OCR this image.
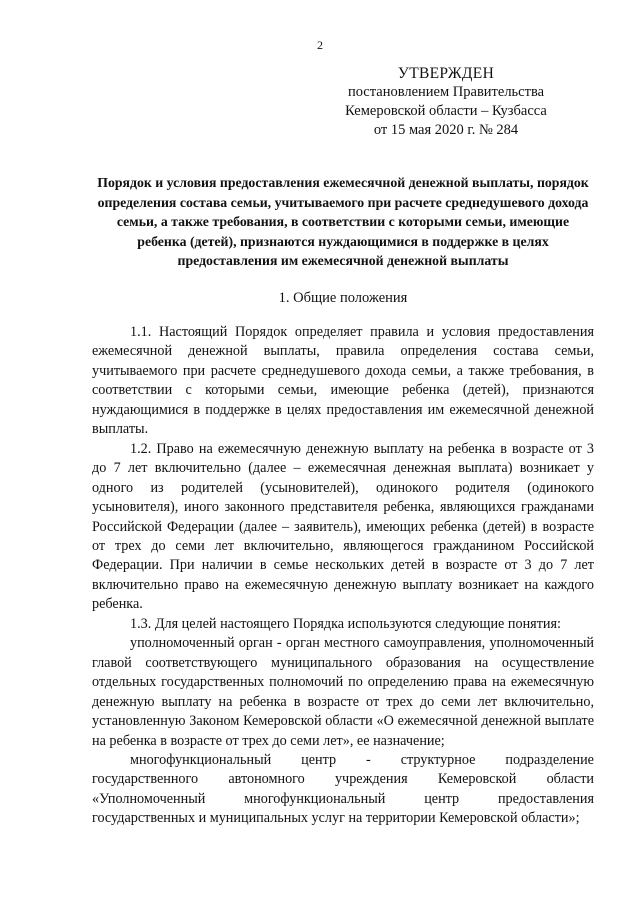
2
УТВЕРЖДЕН
постановлением Правительства
Кемеровской области – Кузбасса
от 15 мая 2020 г. № 284
Порядок и условия предоставления ежемесячной денежной выплаты, порядок определения состава семьи, учитываемого при расчете среднедушевого дохода семьи, а также требования, в соответствии с которыми семьи, имеющие ребенка (детей), признаются нуждающимися в поддержке в целях предоставления им ежемесячной денежной выплаты
1. Общие положения

1.1. Настоящий Порядок определяет правила и условия предоставления ежемесячной денежной выплаты, правила определения состава семьи, учитываемого при расчете среднедушевого дохода семьи, а также требования, в соответствии с которыми семьи, имеющие ребенка (детей), признаются нуждающимися в поддержке в целях предоставления им ежемесячной денежной выплаты.

1.2. Право на ежемесячную денежную выплату на ребенка в возрасте от 3 до 7 лет включительно (далее – ежемесячная денежная выплата) возникает у одного из родителей (усыновителей), одинокого родителя (одинокого усыновителя), иного законного представителя ребенка, являющихся гражданами Российской Федерации (далее – заявитель), имеющих ребенка (детей) в возрасте от трех до семи лет включительно, являющегося гражданином Российской Федерации. При наличии в семье нескольких детей в возрасте от 3 до 7 лет включительно право на ежемесячную денежную выплату возникает на каждого ребенка.

1.3. Для целей настоящего Порядка используются следующие понятия:

уполномоченный орган - орган местного самоуправления, уполномоченный главой соответствующего муниципального образования на осуществление отдельных государственных полномочий по определению права на ежемесячную денежную выплату на ребенка в возрасте от трех до семи лет включительно, установленную Законом Кемеровской области «О ежемесячной денежной выплате на ребенка в возрасте от трех до семи лет», ее назначение;

многофункциональный центр - структурное подразделение государственного автономного учреждения Кемеровской области «Уполномоченный многофункциональный центр предоставления государственных и муниципальных услуг на территории Кемеровской области»;
